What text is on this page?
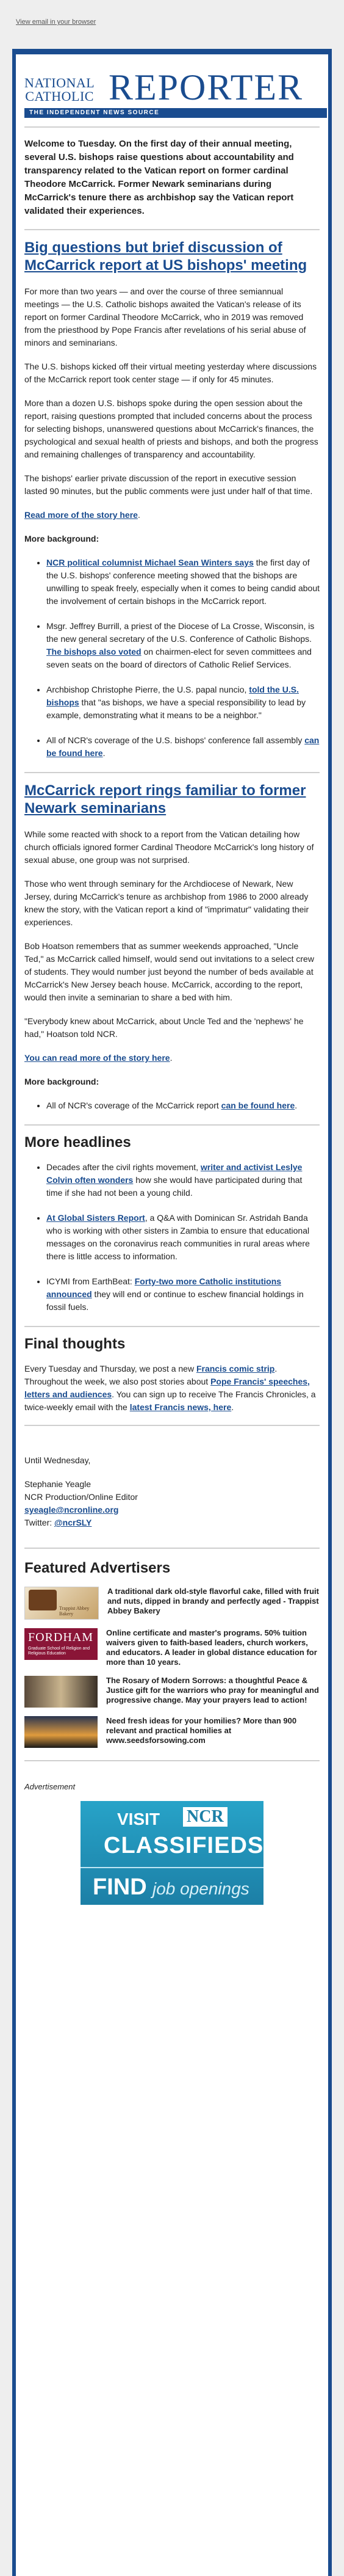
View email in your browser
NATIONAL
CATHOLIC REPORTER
THE INDEPENDENT NEWS SOURCE
Welcome to Tuesday. On the first day of their annual meeting, several U.S. bishops raise questions about accountability and transparency related to the Vatican report on former cardinal Theodore McCarrick. Former Newark seminarians during McCarrick's tenure there as archbishop say the Vatican report validated their experiences.
Big questions but brief discussion of McCarrick report at US bishops' meeting

For more than two years — and over the course of three semiannual meetings — the U.S. Catholic bishops awaited the Vatican's release of its report on former Cardinal Theodore McCarrick, who in 2019 was removed from the priesthood by Pope Francis after revelations of his serial abuse of minors and seminarians.

The U.S. bishops kicked off their virtual meeting yesterday where discussions of the McCarrick report took center stage — if only for 45 minutes.

More than a dozen U.S. bishops spoke during the open session about the report, raising questions prompted that included concerns about the process for selecting bishops, unanswered questions about McCarrick's finances, the psychological and sexual health of priests and bishops, and both the progress and remaining challenges of transparency and accountability.

The bishops' earlier private discussion of the report in executive session lasted 90 minutes, but the public comments were just under half of that time.

Read more of the story here.

More background:

• NCR political columnist Michael Sean Winters says the first day of the U.S. bishops' conference meeting showed that the bishops are unwilling to speak freely, especially when it comes to being candid about the involvement of certain bishops in the McCarrick report.
• Msgr. Jeffrey Burrill, a priest of the Diocese of La Crosse, Wisconsin, is the new general secretary of the U.S. Conference of Catholic Bishops. The bishops also voted on chairmen-elect for seven committees and seven seats on the board of directors of Catholic Relief Services.
• Archbishop Christophe Pierre, the U.S. papal nuncio, told the U.S. bishops that "as bishops, we have a special responsibility to lead by example, demonstrating what it means to be a neighbor."
• All of NCR's coverage of the U.S. bishops' conference fall assembly can be found here.
McCarrick report rings familiar to former Newark seminarians

While some reacted with shock to a report from the Vatican detailing how church officials ignored former Cardinal Theodore McCarrick's long history of sexual abuse, one group was not surprised.

Those who went through seminary for the Archdiocese of Newark, New Jersey, during McCarrick's tenure as archbishop from 1986 to 2000 already knew the story, with the Vatican report a kind of "imprimatur" validating their experiences.

Bob Hoatson remembers that as summer weekends approached, "Uncle Ted," as McCarrick called himself, would send out invitations to a select crew of students. They would number just beyond the number of beds available at McCarrick's New Jersey beach house. McCarrick, according to the report, would then invite a seminarian to share a bed with him.

"Everybody knew about McCarrick, about Uncle Ted and the 'nephews' he had," Hoatson told NCR.

You can read more of the story here.

More background:

• All of NCR's coverage of the McCarrick report can be found here.
More headlines
• Decades after the civil rights movement, writer and activist Leslye Colvin often wonders how she would have participated during that time if she had not been a young child.
• At Global Sisters Report, a Q&A with Dominican Sr. Astridah Banda who is working with other sisters in Zambia to ensure that educational messages on the coronavirus reach communities in rural areas where there is little access to information.
• ICYMI from EarthBeat: Forty-two more Catholic institutions announced they will end or continue to eschew financial holdings in fossil fuels.
Final thoughts

Every Tuesday and Thursday, we post a new Francis comic strip. Throughout the week, we also post stories about Pope Francis' speeches, letters and audiences. You can sign up to receive The Francis Chronicles, a twice-weekly email with the latest Francis news, here.

Until Wednesday,

Stephanie Yeagle

NCR Production/Online Editor

syeagle@ncronline.org

Twitter: @ncrSLY

Featured Advertisers
Trappist Abbey Bakery
A traditional dark old-style flavorful cake, filled with fruit and nuts, dipped in brandy and perfectly aged - Trappist Abbey Bakery
FORDHAM
Graduate School of Religion and Religious Education
Online certificate and master's programs. 50% tuition waivers given to faith-based leaders, church workers, and educators. A leader in global distance education for more than 10 years.
The Rosary of Modern Sorrows: a thoughtful Peace & Justice gift for the warriors who pray for meaningful and progressive change. May your prayers lead to action!
Need fresh ideas for your homilies? More than 900 relevant and practical homilies at www.seedsforsowing.com
Advertisement
VISIT NCR
CLASSIFIEDS
FIND job openings
